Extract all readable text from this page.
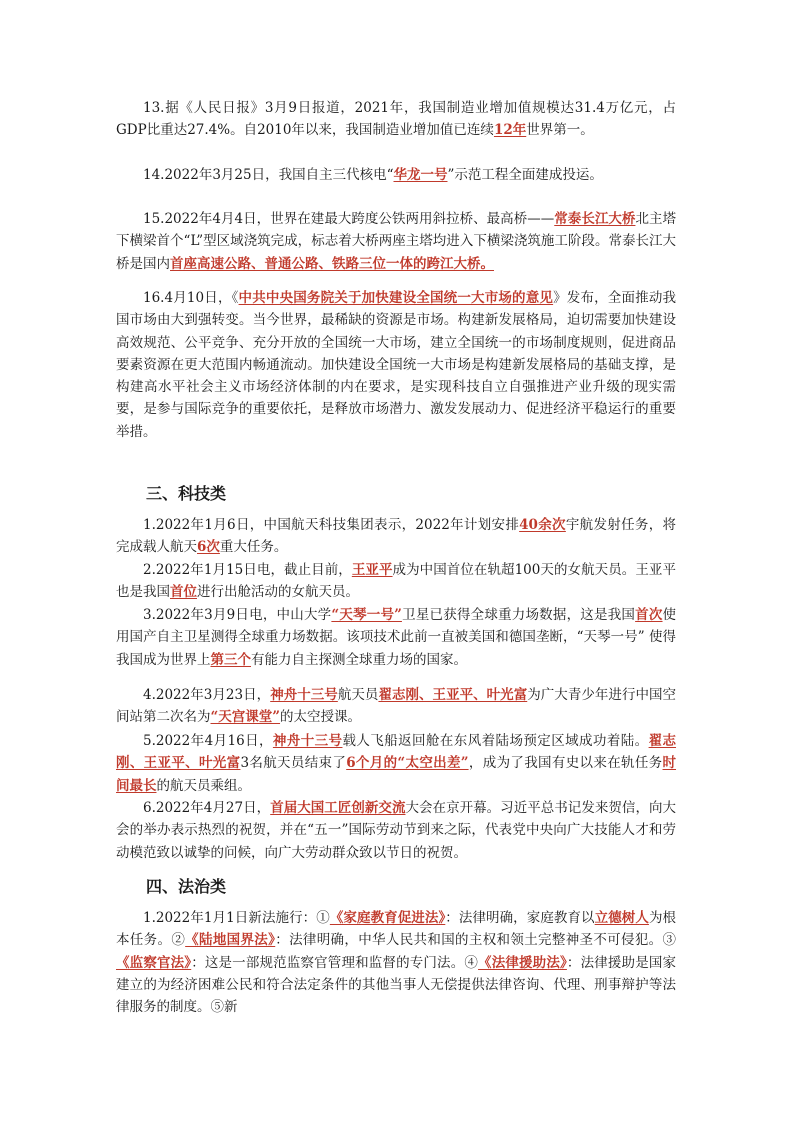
13.据《人民日报》3月9日报道，2021年，我国制造业增加值规模达31.4万亿元，占GDP比重达27.4%。自2010年以来，我国制造业增加值已连续12年世界第一。

14.2022年3月25日，我国自主三代核电“华龙一号”示范工程全面建成投运。

15.2022年4月4日，世界在建最大跨度公铁两用斜拉桥、最高桥——常泰长江大桥北主塔下横梁首个“L”型区域浇筑完成，标志着大桥两座主塔均进入下横梁浇筑施工阶段。常泰长江大桥是国内首座高速公路、普通公路、铁路三位一体的跨江大桥。

16.4月10日，《中共中央国务院关于加快建设全国统一大市场的意见》发布，全面推动我国市场由大到强转变。当今世界，最稀缺的资源是市场。构建新发展格局，迫切需要加快建设高效规范、公平竞争、充分开放的全国统一大市场，建立全国统一的市场制度规则，促进商品要素资源在更大范围内畅通流动。加快建设全国统一大市场是构建新发展格局的基础支撑，是构建高水平社会主义市场经济体制的内在要求，是实现科技自立自强推进产业升级的现实需要，是参与国际竞争的重要依托，是释放市场潜力、激发发展动力、促进经济平稳运行的重要举措。

三、科技类

1.2022年1月6日，中国航天科技集团表示，2022年计划安排40余次宇航发射任务，将完成载人航天6次重大任务。

2.2022年1月15日电，截止目前，王亚平成为中国首位在轨超100天的女航天员。王亚平也是我国首位进行出舱活动的女航天员。

3.2022年3月9日电，中山大学“天琴一号”卫星已获得全球重力场数据，这是我国首次使用国产自主卫星测得全球重力场数据。该项技术此前一直被美国和德国垄断，“天琴一号” 使得我国成为世界上第三个有能力自主探测全球重力场的国家。

4.2022年3月23日，神舟十三号航天员翟志刚、王亚平、叶光富为广大青少年进行中国空间站第二次名为“天宫课堂”的太空授课。

5.2022年4月16日，神舟十三号载人飞船返回舱在东风着陆场预定区域成功着陆。翟志刚、王亚平、叶光富3名航天员结束了6个月的“太空出差”，成为了我国有史以来在轨任务时间最长的航天员乘组。

6.2022年4月27日，首届大国工匠创新交流大会在京开幕。习近平总书记发来贺信，向大会的举办表示热烈的祝贺，并在“五一”国际劳动节到来之际，代表党中央向广大技能人才和劳动模范致以诚挚的问候，向广大劳动群众致以节日的祝贺。

四、法治类

1.2022年1月1日新法施行：①《家庭教育促进法》：法律明确，家庭教育以立德树人为根本任务。②《陆地国界法》：法律明确，中华人民共和国的主权和领土完整神圣不可侵犯。③《监察官法》：这是一部规范监察官管理和监督的专门法。④《法律援助法》：法律援助是国家建立的为经济困难公民和符合法定条件的其他当事人无偿提供法律咨询、代理、刑事辩护等法律服务的制度。⑤新
